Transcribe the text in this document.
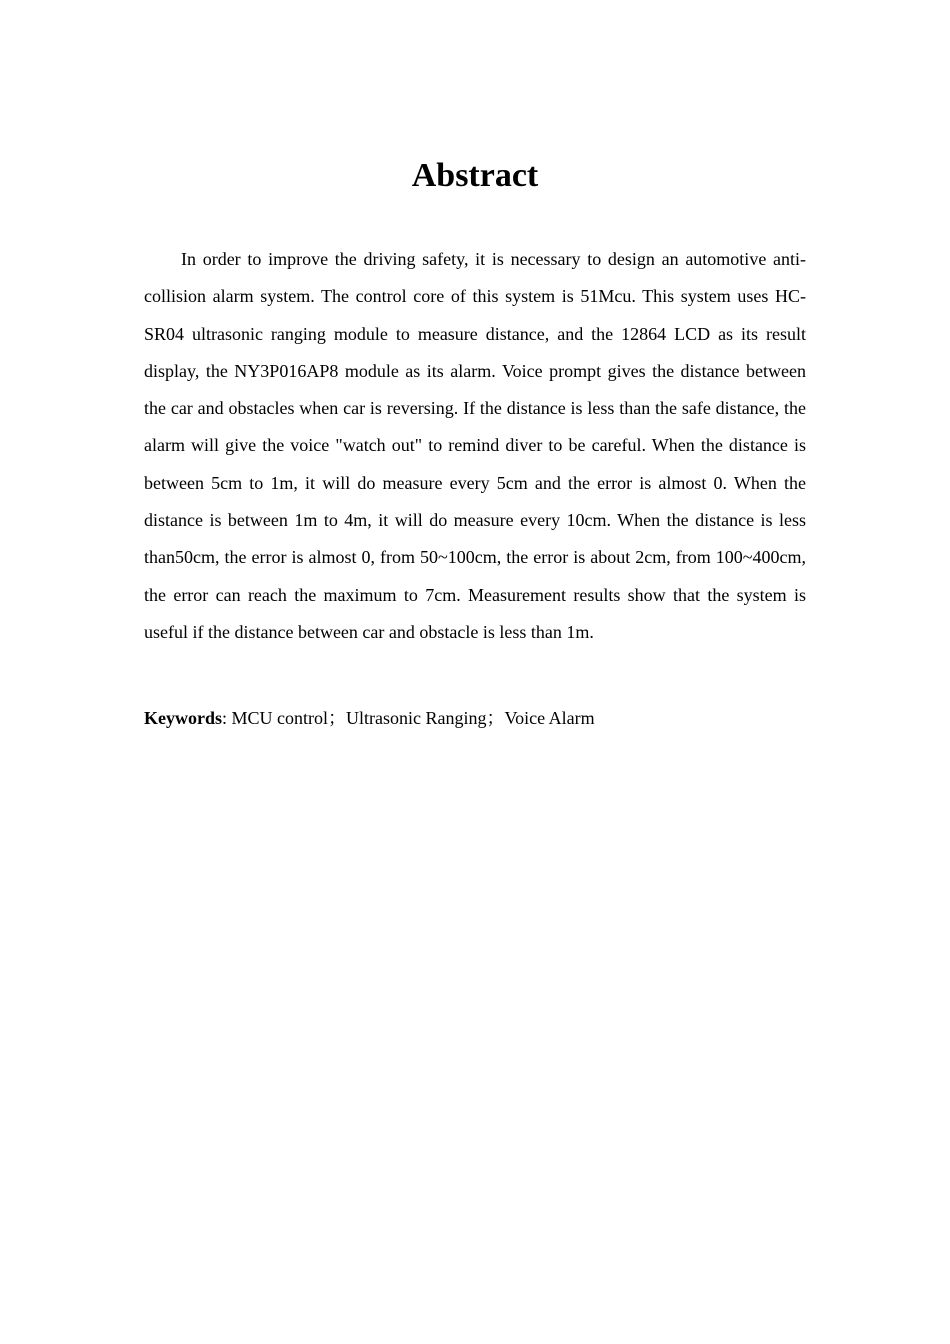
Abstract

In order to improve the driving safety, it is necessary to design an automotive anti-collision alarm system. The control core of this system is 51Mcu. This system uses HC-SR04 ultrasonic ranging module to measure distance, and the 12864 LCD as its result display, the NY3P016AP8 module as its alarm. Voice prompt gives the distance between the car and obstacles when car is reversing. If the distance is less than the safe distance, the alarm will give the voice "watch out" to remind diver to be careful. When the distance is between 5cm to 1m, it will do measure every 5cm and the error is almost 0. When the distance is between 1m to 4m, it will do measure every 10cm. When the distance is less than50cm, the error is almost 0, from 50~100cm, the error is about 2cm, from 100~400cm, the error can reach the maximum to 7cm. Measurement results show that the system is useful if the distance between car and obstacle is less than 1m.

Keywords: MCU control；Ultrasonic Ranging；Voice Alarm
